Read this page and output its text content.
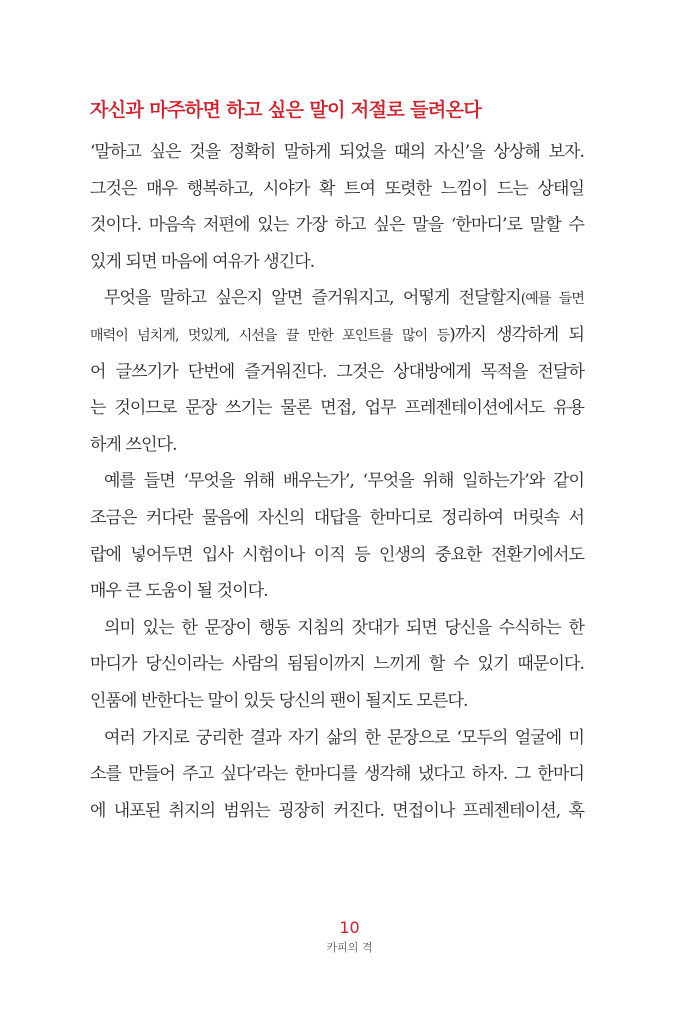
자신과 마주하면 하고 싶은 말이 저절로 들려온다

‘말하고 싶은 것을 정확히 말하게 되었을 때의 자신’을 상상해 보자.
그것은 매우 행복하고, 시야가 확 트여 또렷한 느낌이 드는 상태일
것이다. 마음속 저편에 있는 가장 하고 싶은 말을 ‘한마디’로 말할 수
있게 되면 마음에 여유가 생긴다.

무엇을 말하고 싶은지 알면 즐거워지고, 어떻게 전달할지(예를 들면
매력이 넘치게, 멋있게, 시선을 끌 만한 포인트를 많이 등)까지 생각하게 되
어 글쓰기가 단번에 즐거워진다. 그것은 상대방에게 목적을 전달하
는 것이므로 문장 쓰기는 물론 면접, 업무 프레젠테이션에서도 유용
하게 쓰인다.

예를 들면 ‘무엇을 위해 배우는가’, ‘무엇을 위해 일하는가’와 같이
조금은 커다란 물음에 자신의 대답을 한마디로 정리하여 머릿속 서
랍에 넣어두면 입사 시험이나 이직 등 인생의 중요한 전환기에서도
매우 큰 도움이 될 것이다.

의미 있는 한 문장이 행동 지침의 잣대가 되면 당신을 수식하는 한
마디가 당신이라는 사람의 됨됨이까지 느끼게 할 수 있기 때문이다.
인품에 반한다는 말이 있듯 당신의 팬이 될지도 모른다.

여러 가지로 궁리한 결과 자기 삶의 한 문장으로 ‘모두의 얼굴에 미
소를 만들어 주고 싶다’라는 한마디를 생각해 냈다고 하자. 그 한마디
에 내포된 취지의 범위는 굉장히 커진다. 면접이나 프레젠테이션, 혹

10
카피의 격
